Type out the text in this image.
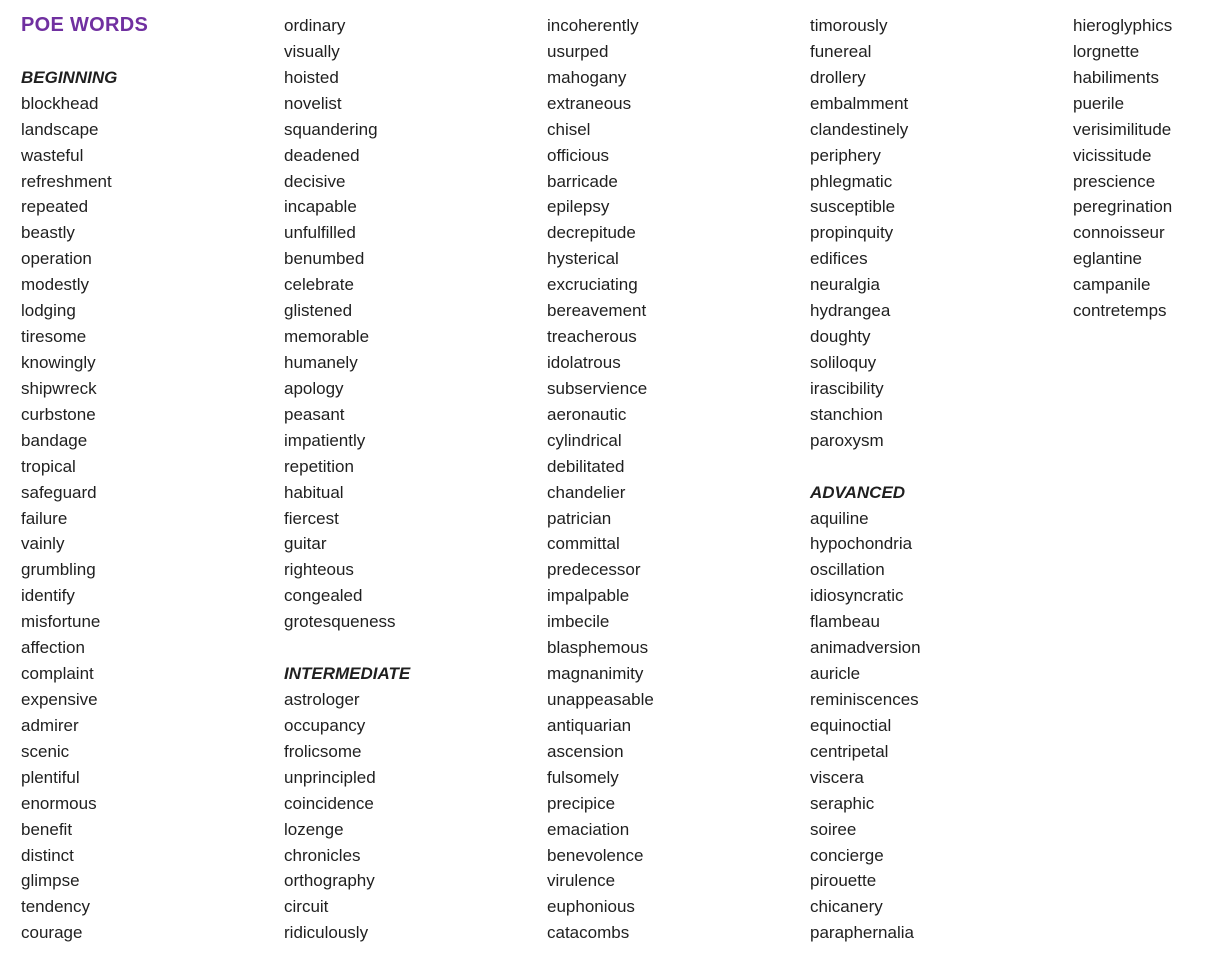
POE WORDS
BEGINNING
blockhead
landscape
wasteful
refreshment
repeated
beastly
operation
modestly
lodging
tiresome
knowingly
shipwreck
curbstone
bandage
tropical
safeguard
failure
vainly
grumbling
identify
misfortune
affection
complaint
expensive
admirer
scenic
plentiful
enormous
benefit
distinct
glimpse
tendency
courage
ordinary
visually
hoisted
novelist
squandering
deadened
decisive
incapable
unfulfilled
benumbed
celebrate
glistened
memorable
humanely
apology
peasant
impatiently
repetition
habitual
fiercest
guitar
righteous
congealed
grotesqueness
INTERMEDIATE
astrologer
occupancy
frolicsome
unprincipled
coincidence
lozenge
chronicles
orthography
circuit
ridiculously
incoherently
usurped
mahogany
extraneous
chisel
officious
barricade
epilepsy
decrepitude
hysterical
excruciating
bereavement
treacherous
idolatrous
subservience
aeronautic
cylindrical
debilitated
chandelier
patrician
committal
predecessor
impalpable
imbecile
blasphemous
magnanimity
unappeasable
antiquarian
ascension
fulsomely
precipice
emaciation
benevolence
virulence
euphonious
catacombs
timorously
funereal
drollery
embalmment
clandestinely
periphery
phlegmatic
susceptible
propinquity
edifices
neuralgia
hydrangea
doughty
soliloquy
irascibility
stanchion
paroxysm
ADVANCED
aquiline
hypochondria
oscillation
idiosyncratic
flambeau
animadversion
auricle
reminiscences
equinoctial
centripetal
viscera
seraphic
soiree
concierge
pirouette
chicanery
paraphernalia
hieroglyphics
lorgnette
habiliments
puerile
verisimilitude
vicissitude
prescience
peregrination
connoisseur
eglantine
campanile
contretemps
